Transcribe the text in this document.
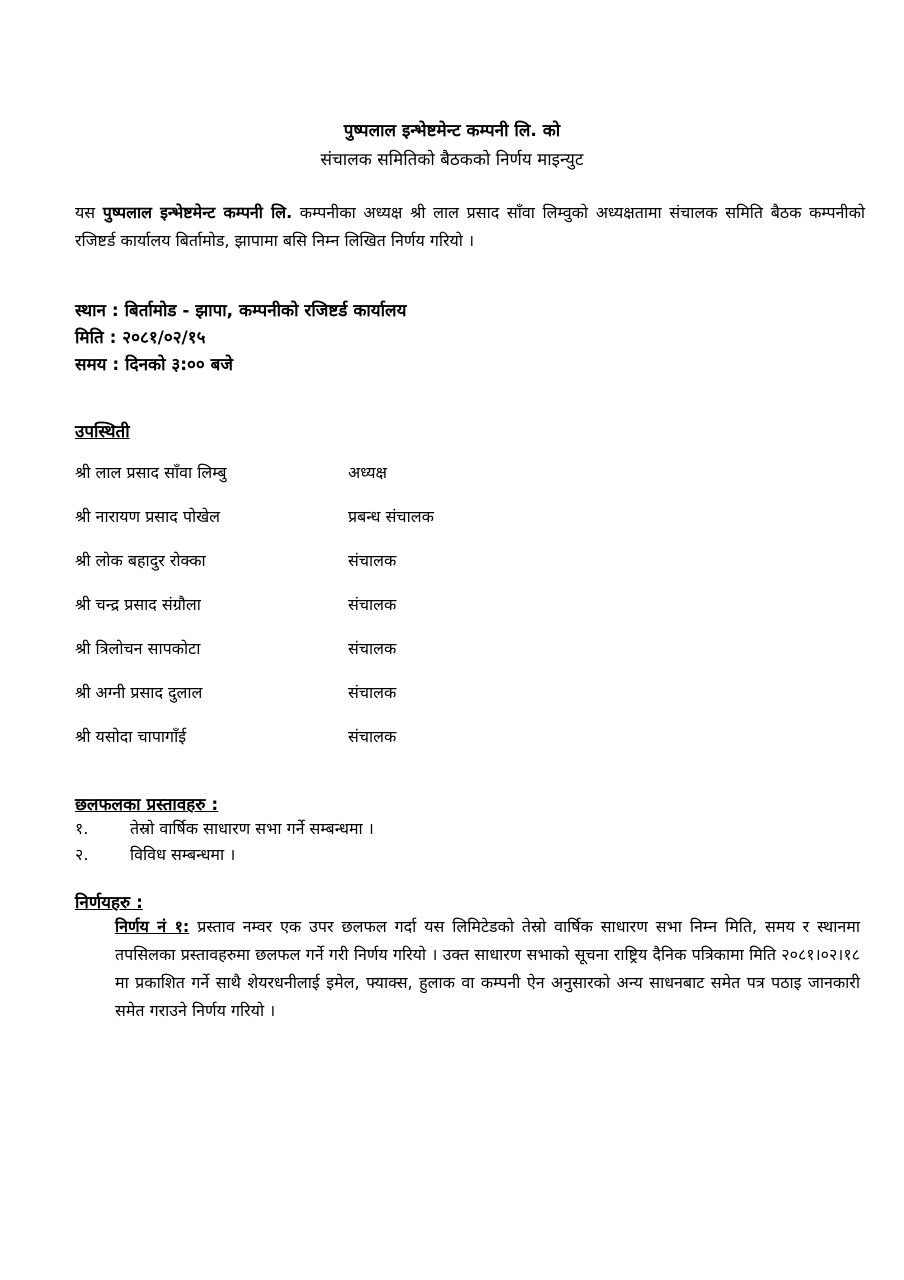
पुष्पलाल इन्भेष्टमेन्ट कम्पनी लि. को
संचालक समितिको बैठकको निर्णय माइन्युट
यस पुष्पलाल इन्भेष्टमेन्ट कम्पनी लि. कम्पनीका अध्यक्ष श्री लाल प्रसाद साँवा लिम्वुको अध्यक्षतामा संचालक समिति बैठक कम्पनीको रजिष्टर्ड कार्यालय बिर्तामोड, झापामा बसि निम्न लिखित निर्णय गरियो ।
स्थान : बिर्तामोड - झापा, कम्पनीको रजिष्टर्ड कार्यालय
मिति : २०८१/०२/१५
समय : दिनको ३:०० बजे
उपस्थिती
श्री लाल प्रसाद साँवा लिम्बु	अध्यक्ष
श्री नारायण प्रसाद पोखेल	प्रबन्ध संचालक
श्री लोक बहादुर रोक्का	संचालक
श्री चन्द्र प्रसाद संग्रौला	संचालक
श्री त्रिलोचन सापकोटा	संचालक
श्री अग्नी प्रसाद दुलाल	संचालक
श्री यसोदा चापागाँई	संचालक
छलफलका प्रस्तावहरु :
१.	तेस्रो वार्षिक साधारण सभा गर्ने सम्बन्धमा ।
२.	विविध सम्बन्धमा ।
निर्णयहरु :
निर्णय नं १: प्रस्ताव नम्वर एक उपर छलफल गर्दा यस लिमिटेडको तेस्रो वार्षिक साधारण सभा निम्न मिति, समय र स्थानमा तपसिलका प्रस्तावहरुमा छलफल गर्ने गरी निर्णय गरियो । उक्त साधारण सभाको सूचना राष्ट्रिय दैनिक पत्रिकामा मिति २०८१।०२।१८ मा प्रकाशित गर्ने साथै शेयरधनीलाई इमेल, फ्याक्स, हुलाक वा कम्पनी ऐन अनुसारको अन्य साधनबाट समेत पत्र पठाइ जानकारी समेत गराउने निर्णय गरियो ।
